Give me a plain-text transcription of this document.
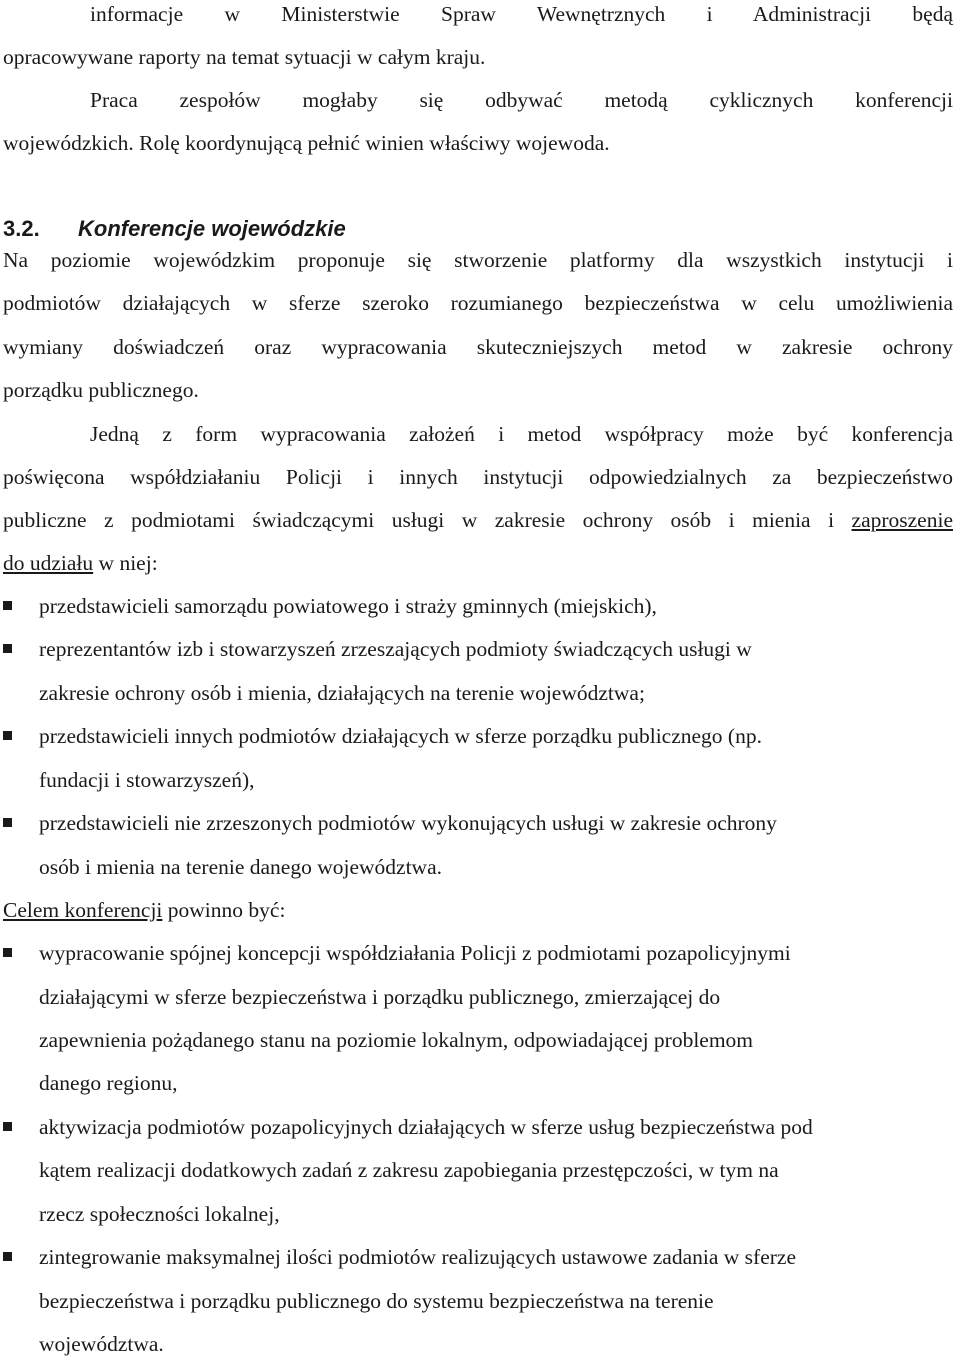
informacje w Ministerstwie Spraw Wewnętrznych i Administracji będą
opracowywane raporty na temat sytuacji w całym kraju.
Praca zespołów mogłaby się odbywać metodą cyklicznych konferencji
wojewódzkich. Rolę koordynującą pełnić winien właściwy wojewoda.
3.2. Konferencje wojewódzkie
Na poziomie wojewódzkim proponuje się stworzenie platformy dla wszystkich instytucji i
podmiotów działających w sferze szeroko rozumianego bezpieczeństwa w celu umożliwienia
wymiany doświadczeń oraz wypracowania skuteczniejszych metod w zakresie ochrony
porządku publicznego.
Jedną z form wypracowania założeń i metod współpracy może być konferencja
poświęcona współdziałaniu Policji i innych instytucji odpowiedzialnych za bezpieczeństwo
publiczne z podmiotami świadczącymi usługi w zakresie ochrony osób i mienia i zaproszenie
do udziału w niej:
przedstawicieli samorządu powiatowego i straży gminnych (miejskich),
reprezentantów izb i stowarzyszeń zrzeszających podmioty świadczących usługi w
zakresie ochrony osób i mienia, działających na terenie województwa;
przedstawicieli innych podmiotów działających w sferze porządku publicznego (np.
fundacji i stowarzyszeń),
przedstawicieli nie zrzeszonych podmiotów wykonujących usługi w zakresie ochrony
osób i mienia na terenie danego województwa.
Celem konferencji powinno być:
wypracowanie spójnej koncepcji współdziałania Policji z podmiotami pozapolicyjnymi
działającymi w sferze bezpieczeństwa i porządku publicznego, zmierzającej do
zapewnienia pożądanego stanu na poziomie lokalnym, odpowiadającej problemom
danego regionu,
aktywizacja podmiotów pozapolicyjnych działających w sferze usług bezpieczeństwa pod
kątem realizacji dodatkowych zadań z zakresu zapobiegania przestępczości, w tym na
rzecz społeczności lokalnej,
zintegrowanie maksymalnej ilości podmiotów realizujących ustawowe zadania w sferze
bezpieczeństwa i porządku publicznego do systemu bezpieczeństwa na terenie
województwa.
